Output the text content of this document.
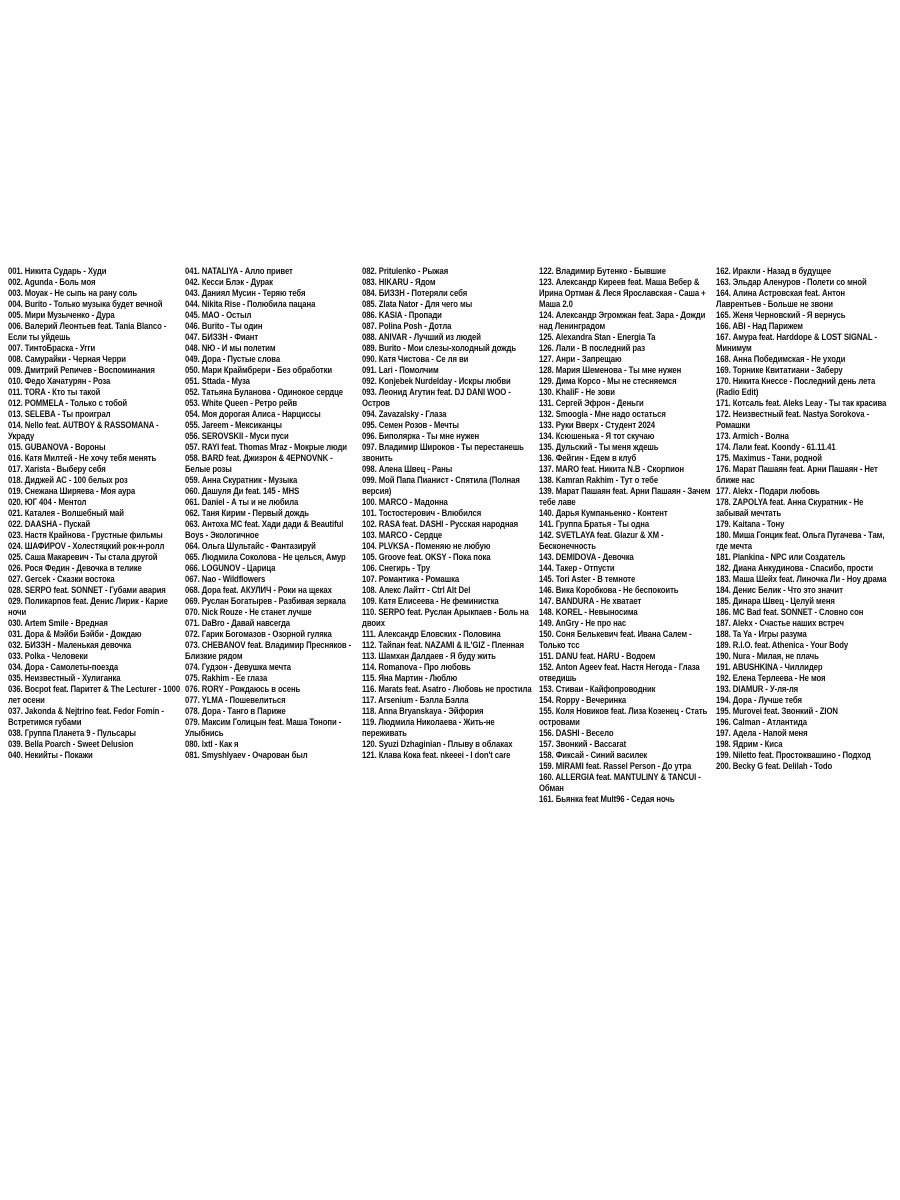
001. Никита Сударь - Худи
002. Agunda - Боль моя
003. Моуак - Не сыпь на рану соль
004. Burito - Только музыка будет вечной
005. Мири Музыченко - Дура
006. Валерий Леонтьев feat. Tania Blanco - Если ты уйдешь
007. ТинтоБраска - Угги
008. Самурайки - Черная Черри
009. Дмитрий Репичев - Воспоминания
010. Федо Хачатурян - Роза
011. TORA - Кто ты такой
012. POMMELA - Только с тобой
013. SELEBA - Ты проиграл
014. Nello feat. AUTBOY & RASSOMANA - Украду
015. GUBANOVA - Вороны
016. Катя Милтей - Не хочу тебя менять
017. Xarista - Выберу себя
018. Диджей АС - 100 белых роз
019. Снежана Ширяева - Моя аура
020. ЮГ 404 - Ментол
021. Каталея - Волшебный май
022. DAASHA - Пускай
023. Настя Крайнова - Грустные фильмы
024. ШАФИРОV - Холестяцкий рок-н-ролл
025. Саша Макаревич - Ты стала другой
026. Рося Федин - Девочка в телике
027. Gercek - Сказки востока
028. SERPO feat. SONNET - Губами авария
029. Поликарпов feat. Денис Лирик - Карие ночи
030. Artem Smile - Вредная
031. Дора & Мэйби Бэйби - Дождаю
032. БИЗЗН - Маленькая девочка
033. Polka - Человеки
034. Дора - Самолеты-поезда
035. Неизвестный - Хулиганка
036. Bocpot feat. Паритет & The Lecturer - 1000 лет осени
037. Jakonda & Nejtrino feat. Fedor Fomin - Встретимся губами
038. Группа Планета 9 - Пульсары
039. Bella Poarch - Sweet Delusion
040. Некийты - Покажи
041. NATALIYA - Алло привет
042. Кесси Блэк - Дурак
043. Даниял Мусин - Теряю тебя
044. Nikita Rise - Полюбила пацана
045. МАО - Остыл
046. Burito - Ты один
047. БИЗЗН - Фиант
048. NЮ - И мы полетим
049. Дора - Пустые слова
050. Мари Краймбрери - Без обработки
051. Sttada - Муза
052. Татьяна Буланова - Одинокое сердце
053. White Queen - Ретро рейв
054. Моя дорогая Алиса - Нарциссы
055. Jareem - Мексиканцы
056. SEROVSKII - Муси пуси
057. RAYI feat. Thomas Mraz - Мокрые люди
058. BARD feat. Джизрон & 4EPNOVNK - Белые розы
059. Анна Скуратник - Музыка
060. Дашуля Ди feat. 145 - MHS
061. Daniel - А ты и не любила
062. Таня Кирим - Первый дождь
063. Антоха МС feat. Хади дади & Beautiful Boys - Экологичное
064. Ольга Шультайс - Фантазируй
065. Людмила Соколова - Не целься, Амур
066. LOGUNOV - Царица
067. Nao - Wildflowers
068. Дора feat. АКУЛИЧ - Роки на щеках
069. Руслан Богатырев - Разбивая зеркала
070. Nick Rouze - Не станет лучше
071. DaBro - Давай навсегда
072. Гарик Богомазов - Озорной гуляка
073. CHEBANOV feat. Владимир Пресняков - Близкие рядом
074. Гудзон - Девушка мечта
075. Rakhim - Ее глаза
076. RORY - Рождаюсь в осень
077. YLMA - Пошевелиться
078. Дора - Танго в Париже
079. Максим Голицын feat. Маша Тонопи - Улыбнись
080. lxtl - Как я
081. Smyshlyaev - Очарован был
082. Pritulenko - Рыжая
083. HIKARU - Ядом
084. БИЗЗН - Потеряли себя
085. Zlata Nator - Для чего мы
086. KASIA - Пропади
087. Polina Posh - Дотла
088. ANIVAR - Лучший из людей
089. Burito - Мои слезы-холодный дождь
090. Катя Чистова - Се ля ви
091. Lari - Помолчим
092. Konjebek Nurdelday - Искры любви
093. Леонид Агутин feat. DJ DANI WOO - Остров
094. Zavazalsky - Глаза
095. Семен Розов - Мечты
096. Биполярка - Ты мне нужен
097. Владимир Широков - Ты перестанешь звонить
098. Алена Швец - Раны
099. Мой Папа Пианист - Спятила (Полная версия)
100. MARCO - Мадонна
101. Тостостерович - Влюбился
102. RASA feat. DASHI - Русская народная
103. MARCO - Сердце
104. PLVKSA - Поменяю не любую
105. Groove feat. OKSY - Пока пока
106. Снегирь - Тру
107. Романтика - Ромашка
108. Алекс Лайтт - Ctrl Alt Del
109. Катя Елисеева - Не феминистка
110. SERPO feat. Руслан Арыкпаев - Боль на двоих
111. Александр Еловских - Половина
112. Тайпан feat. NAZAMI & IL'GIZ - Пленная
113. Шамхан Далдаев - Я буду жить
114. Romanova - Про любовь
115. Яна Мартин - Люблю
116. Marats feat. Asatro - Любовь не простила
117. Arsenium - Бэлла Бэлла
118. Anna Bryanskaya - Эйфория
119. Людмила Николаева - Жить-не переживать
120. Syuzi Dzhaginian - Плыву в облаках
121. Клава Кока feat. nkeeei - I don't care
122. Владимир Бутенко - Бывшие
123. Александр Киреев feat. Маша Вебер & Ирина Ортман & Леся Ярославская - Саша + Маша 2.0
124. Александр Эгромжан feat. Зара - Дожди над Ленинградом
125. Alexandra Stan - Energia Ta
126. Лали - В последний раз
127. Анри - Запрещаю
128. Мария Шеменова - Ты мне нужен
129. Дима Корсо - Мы не стесняемся
130. KhaliF - Не зови
131. Сергей Эфрон - Деньги
132. Smoogla - Мне надо остаться
133. Руки Вверх - Студент 2024
134. Ксюшенька - Я тот скучаю
135. Дульский - Ты меня ждешь
136. Фейгин - Едем в клуб
137. MARO feat. Никита N.B - Скорпион
138. Kamran Rakhim - Тут о тебе
139. Марат Пашаян feat. Арни Пашаян - Зачем тебе лаве
140. Дарья Кумпаньенко - Контент
141. Группа Братья - Ты одна
142. SVETLAYA feat. Glazur & XM - Бесконечность
143. DEMIDOVA - Девочка
144. Такер - Отпусти
145. Tori Aster - В темноте
146. Вика Коробкова - Не беспокоить
147. BANDURA - Не хватает
148. KOREL - Невыносима
149. AnGry - Не про нас
150. Соня Белькевич feat. Ивана Салем - Только тсс
151. DANU feat. HARU - Водоем
152. Anton Ageev feat. Настя Негода - Глаза отведишь
153. Стиваи - Кайфопроводник
154. Roppy - Вечеринка
155. Коля Новиков feat. Лиза Козенец - Стать островами
156. DASHI - Весело
157. Звонкий - Baccarat
158. Фиксай - Синий василек
159. MIRAMI feat. Rassel Person - До утра
160. ALLERGIA feat. MANTULINY & TANCUI - Обман
161. Бьянка feat Mult96 - Седая ночь
162. Иракли - Назад в будущее
163. Эльдар Аленуров - Полети со мной
164. Алина Астровская feat. Антон Лаврентьев - Больше не звони
165. Женя Черновский - Я вернусь
166. ABI - Над Парижем
167. Амура feat. Harddope & LOST SIGNAL - Минимум
168. Анна Победимская - Не уходи
169. Торнике Квитатиани - Заберу
170. Никита Кнессе - Последний день лета (Radio Edit)
171. Котсаль feat. Aleks Leay - Ты так красива
172. Неизвестный feat. Nastya Sorokova - Ромашки
173. Armich - Волна
174. Лали feat. Koondy - 61.11.41
175. Maximus - Тани, родной
176. Марат Пашаян feat. Арни Пашаян - Нет ближе нас
177. Alekx - Подари любовь
178. ZAPOLYA feat. Анна Скуратник - Не забывай мечтать
179. Kaitana - Тону
180. Миша Гонцик feat. Ольга Пугачева - Там, где мечта
181. Plankina - NPC или Создатель
182. Диана Анкудинова - Спасибо, прости
183. Маша Шейх feat. Линочка Ли - Ноу драма
184. Денис Белик - Что это значит
185. Динара Швец - Целуй меня
186. MC Bad feat. SONNET - Словно сон
187. Alekx - Счастье наших встреч
188. Ta Ya - Игры разума
189. R.I.O. feat. Athenica - Your Body
190. Nura - Милая, не плачь
191. ABUSHKINA - Чиллидер
192. Елена Терлеева - Не моя
193. DIAMUR - У-ля-ля
194. Дора - Лучше тебя
195. Murovei feat. Звонкий - ZION
196. Calman - Атлантида
197. Адела - Напой меня
198. Ядрим - Киса
199. Niletto feat. Простоквашино - Подход
200. Becky G feat. Delilah - Todo
